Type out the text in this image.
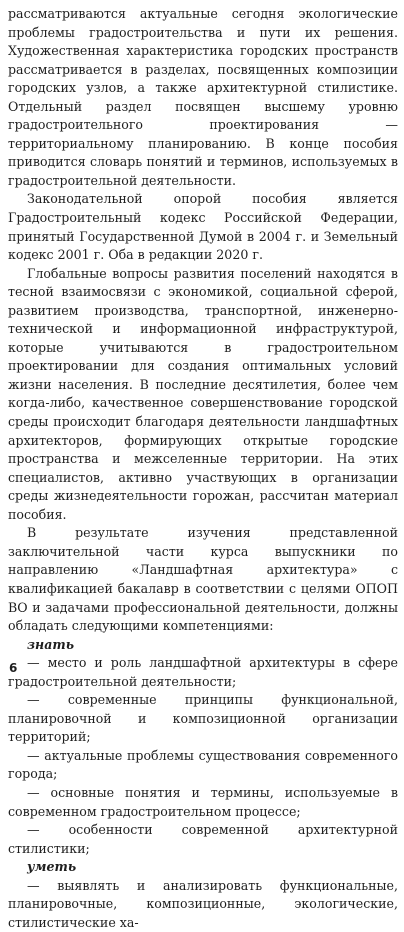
рассматриваются актуальные сегодня экологические проблемы градостроительства и пути их решения. Художественная характеристика городских пространств рассматривается в разделах, посвященных композиции городских узлов, а также архитектурной стилистике. Отдельный раздел посвящен высшему уровню градостроительного проектирования — территориальному планированию. В конце пособия приводится словарь понятий и терминов, используемых в градостроительной деятельности.

Законодательной опорой пособия является Градостроительный кодекс Российской Федерации, принятый Государственной Думой в 2004 г. и Земельный кодекс 2001 г. Оба в редакции 2020 г.

Глобальные вопросы развития поселений находятся в тесной взаимосвязи с экономикой, социальной сферой, развитием производства, транспортной, инженерно-технической и информационной инфраструктурой, которые учитываются в градостроительном проектировании для создания оптимальных условий жизни населения. В последние десятилетия, более чем когда-либо, качественное совершенствование городской среды происходит благодаря деятельности ландшафтных архитекторов, формирующих открытые городские пространства и межселенные территории. На этих специалистов, активно участвующих в организации среды жизнедеятельности горожан, рассчитан материал пособия.

В результате изучения представленной заключительной части курса выпускники по направлению «Ландшафтная архитектура» с квалификацией бакалавр в соответствии с целями ОПОП ВО и задачами профессиональной деятельности, должны обладать следующими компетенциями:

знать

— место и роль ландшафтной архитектуры в сфере градостроительной деятельности;

— современные принципы функциональной, планировочной и композиционной организации территорий;

— актуальные проблемы существования современного города;

— основные понятия и термины, используемые в современном градостроительном процессе;

— особенности современной архитектурной стилистики;

уметь

— выявлять и анализировать функциональные, планировочные, композиционные, экологические, стилистические ха-

6
